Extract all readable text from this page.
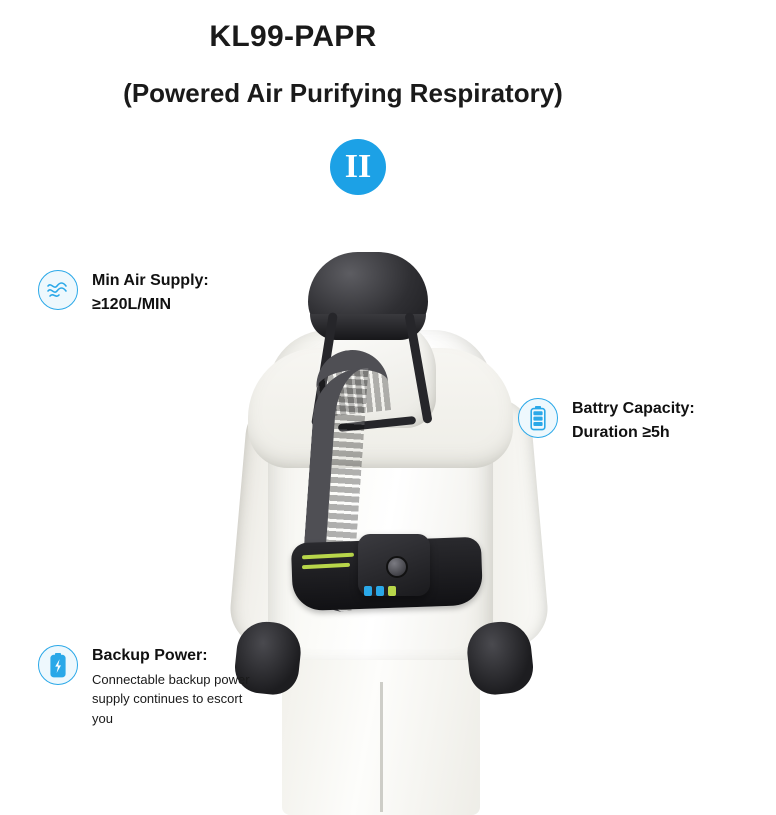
KL99-PAPR
(Powered Air Purifying Respiratory)
II
Min Air Supply:
≥120L/MIN
Battry Capacity:
Duration ≥5h
Backup Power:
Connectable backup power supply continues to escort you
